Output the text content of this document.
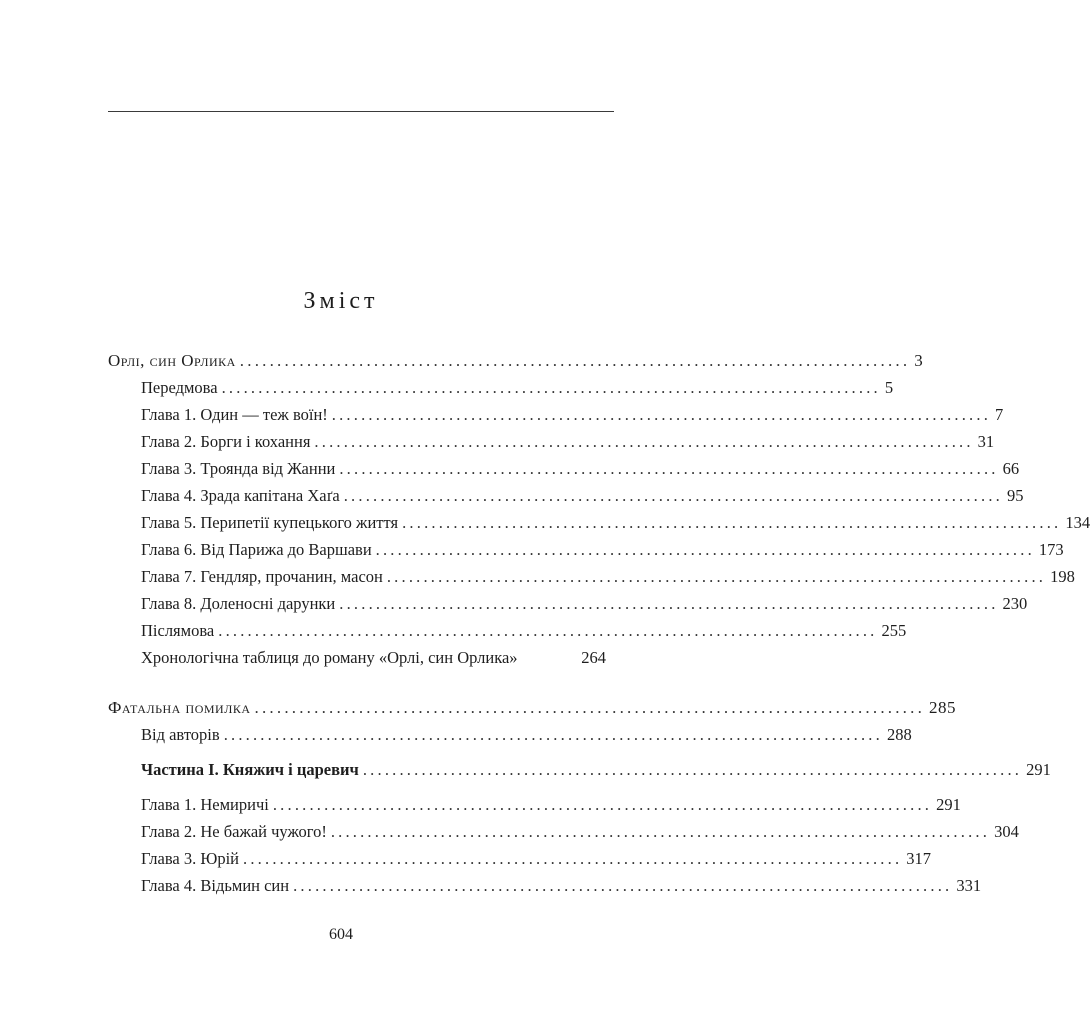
Зміст
Орлі, син Орлика .......................................................................................... 3
Передмова .......................................................................................... 5
Глава 1. Один — теж воїн! .......................................................................................... 7
Глава 2. Борги і кохання .......................................................................................... 31
Глава 3. Троянда від Жанни .......................................................................................... 66
Глава 4. Зрада капітана Хаґа .......................................................................................... 95
Глава 5. Перипетії купецького життя .......................................................................................... 134
Глава 6. Від Парижа до Варшави .......................................................................................... 173
Глава 7. Гендляр, прочанин, масон .......................................................................................... 198
Глава 8. Доленосні дарунки .......................................................................................... 230
Післямова .......................................................................................... 255
Хронологічна таблиця до роману «Орлі, син Орлика»	264
Фатальна помилка .......................................................................................... 285
Від авторів .......................................................................................... 288
Частина І. Княжич і царевич .......................................................................................... 291
Глава 1. Немиричі .......................................................................................... 291
Глава 2. Не бажай чужого! .......................................................................................... 304
Глава 3. Юрій .......................................................................................... 317
Глава 4. Відьмин син .......................................................................................... 331
604
